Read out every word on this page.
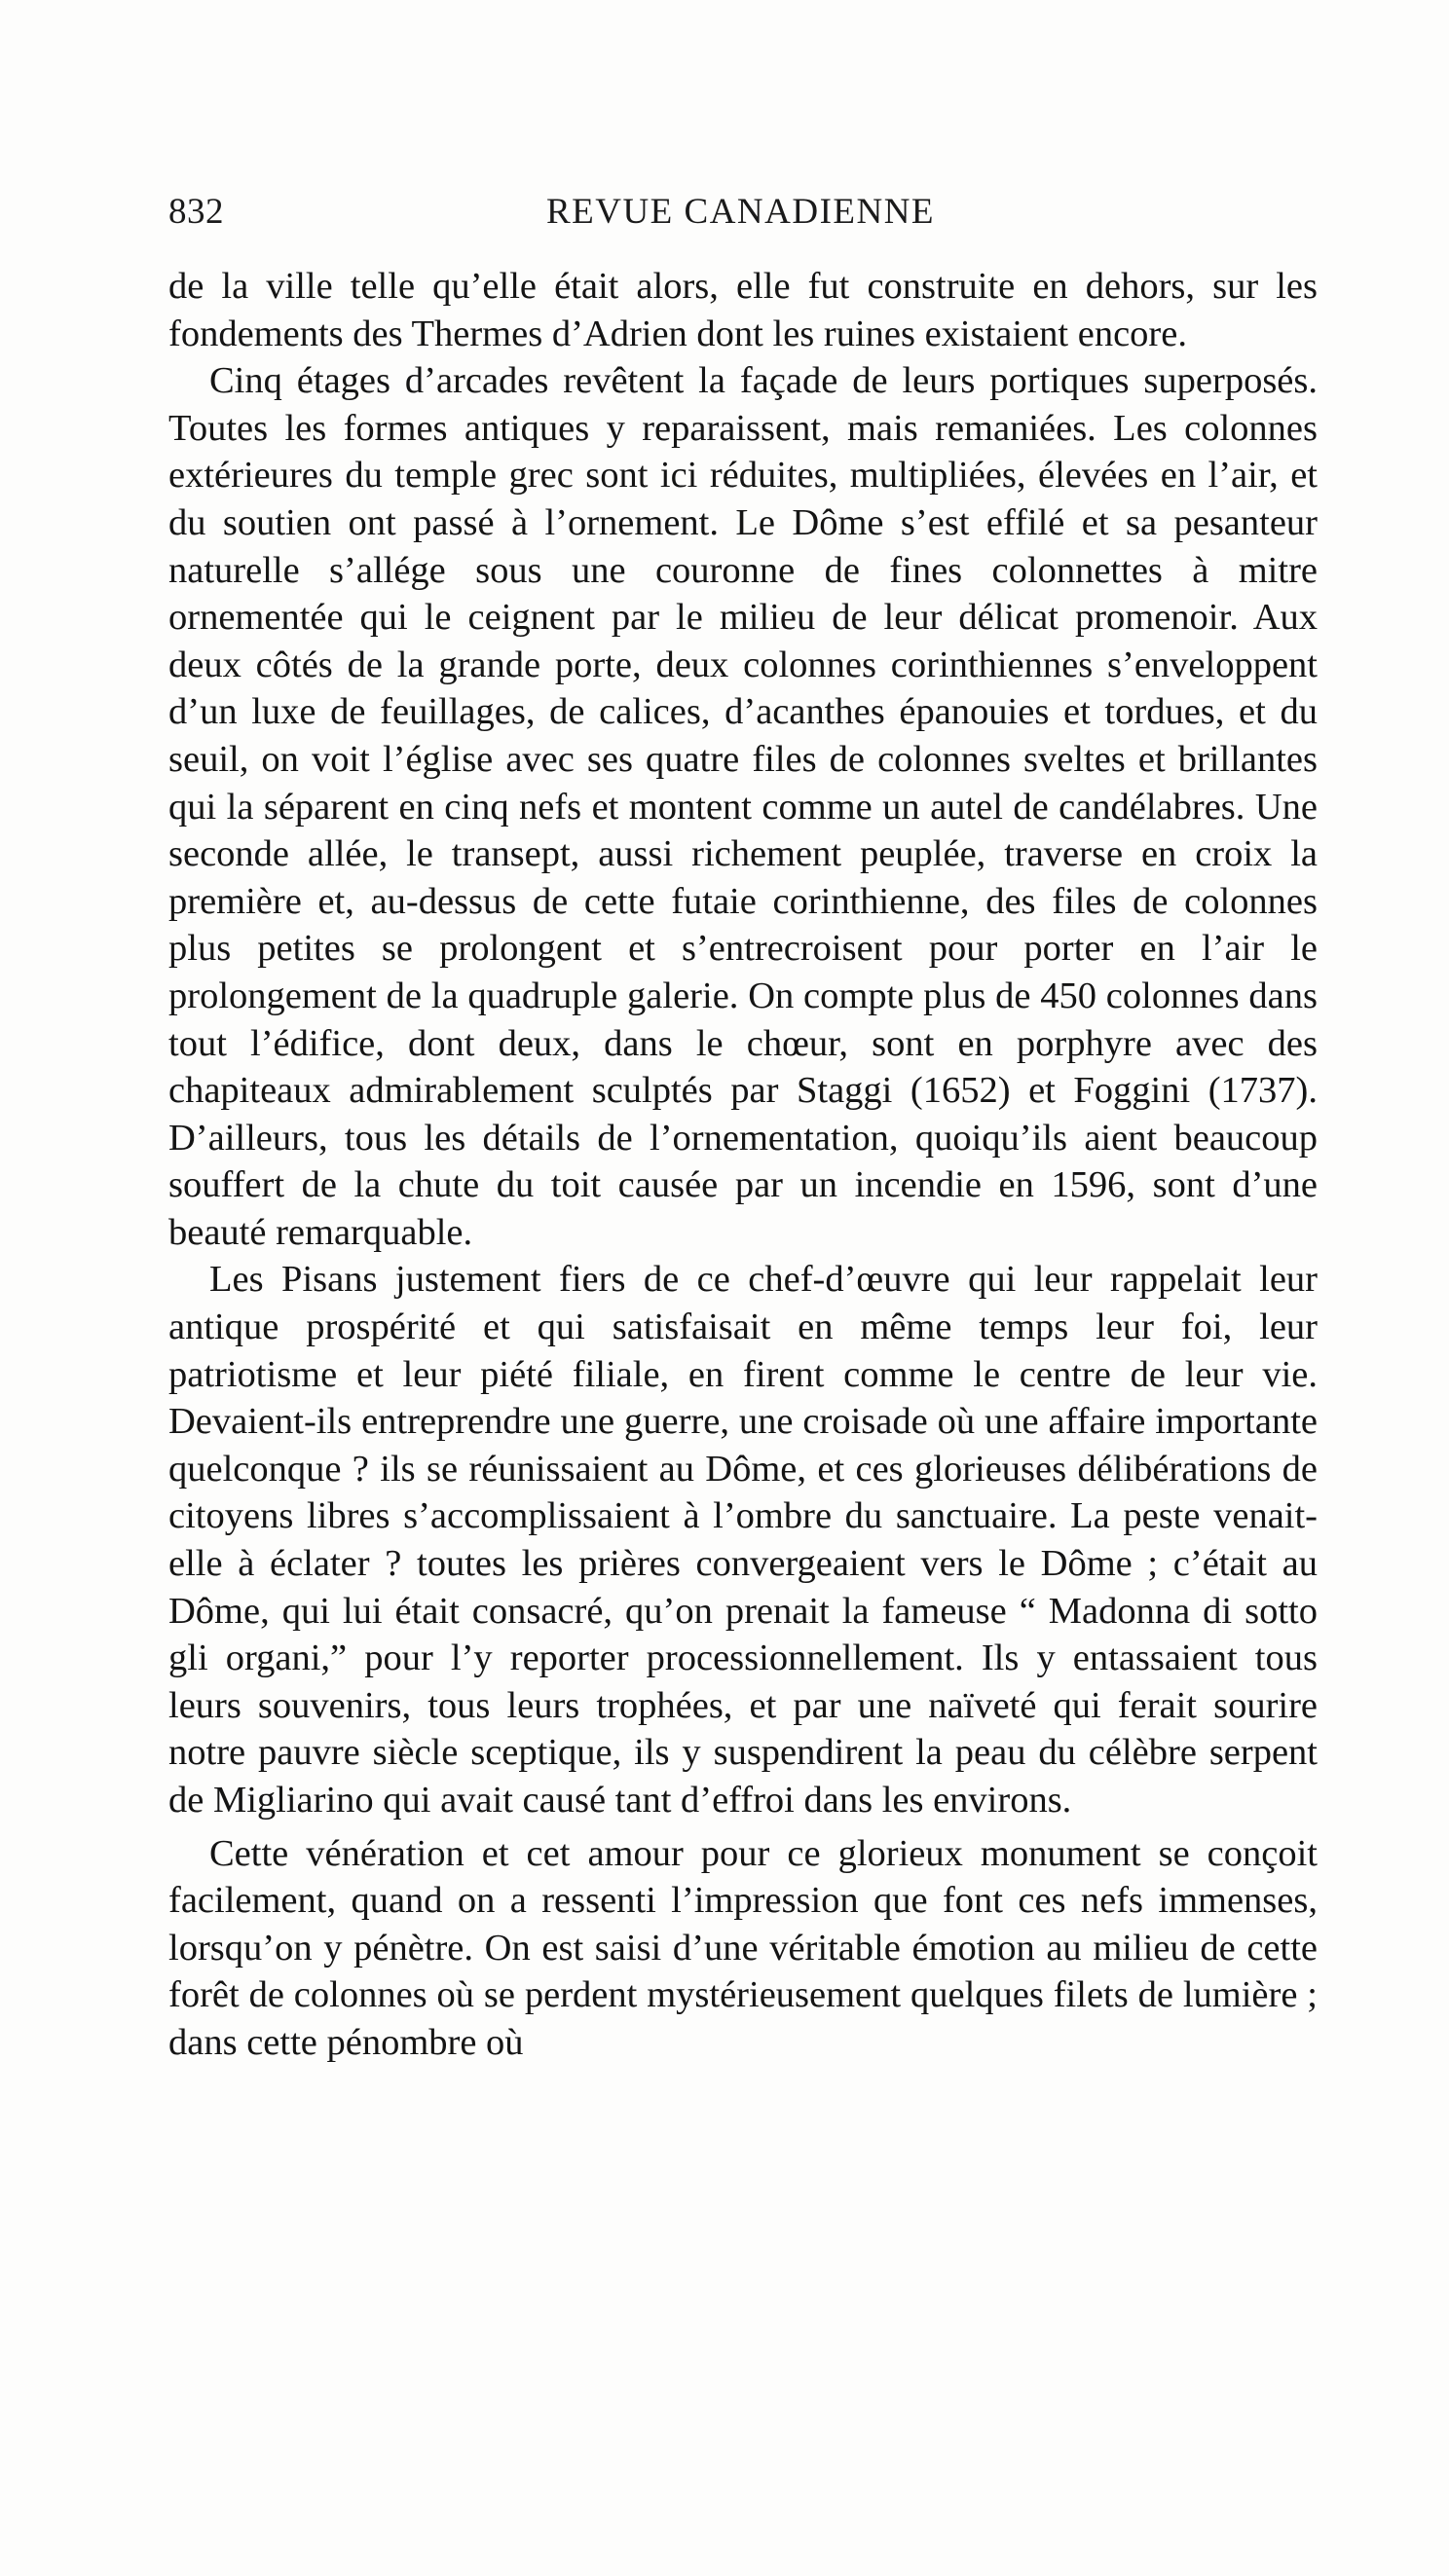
832	REVUE CANADIENNE

de la ville telle qu’elle était alors, elle fut construite en dehors, sur les fondements des Thermes d’Adrien dont les ruines existaient encore.

Cinq étages d’arcades revêtent la façade de leurs portiques superposés. Toutes les formes antiques y reparaissent, mais remaniées. Les colonnes extérieures du temple grec sont ici réduites, multipliées, élevées en l’air, et du soutien ont passé à l’ornement. Le Dôme s’est effilé et sa pesanteur naturelle s’allége sous une couronne de fines colonnettes à mitre ornementée qui le ceignent par le milieu de leur délicat promenoir. Aux deux côtés de la grande porte, deux colonnes corinthiennes s’enveloppent d’un luxe de feuillages, de calices, d’acanthes épanouies et tordues, et du seuil, on voit l’église avec ses quatre files de colonnes sveltes et brillantes qui la séparent en cinq nefs et montent comme un autel de candélabres. Une seconde allée, le transept, aussi richement peuplée, traverse en croix la première et, au-dessus de cette futaie corinthienne, des files de colonnes plus petites se prolongent et s’entrecroisent pour porter en l’air le prolongement de la quadruple galerie. On compte plus de 450 colonnes dans tout l’édifice, dont deux, dans le chœur, sont en porphyre avec des chapiteaux admirablement sculptés par Staggi (1652) et Foggini (1737). D’ailleurs, tous les détails de l’ornementation, quoiqu’ils aient beaucoup souffert de la chute du toit causée par un incendie en 1596, sont d’une beauté remarquable.

Les Pisans justement fiers de ce chef-d’œuvre qui leur rappelait leur antique prospérité et qui satisfaisait en même temps leur foi, leur patriotisme et leur piété filiale, en firent comme le centre de leur vie. Devaient-ils entreprendre une guerre, une croisade où une affaire importante quelconque ? ils se réunissaient au Dôme, et ces glorieuses délibérations de citoyens libres s’accomplissaient à l’ombre du sanctuaire. La peste venait-elle à éclater ? toutes les prières convergeaient vers le Dôme ; c’était au Dôme, qui lui était consacré, qu’on prenait la fameuse “ Madonna di sotto gli organi,” pour l’y reporter processionnellement. Ils y entassaient tous leurs souvenirs, tous leurs trophées, et par une naïveté qui ferait sourire notre pauvre siècle sceptique, ils y suspendirent la peau du célèbre serpent de Migliarino qui avait causé tant d’effroi dans les environs.

Cette vénération et cet amour pour ce glorieux monument se conçoit facilement, quand on a ressenti l’impression que font ces nefs immenses, lorsqu’on y pénètre. On est saisi d’une véritable émotion au milieu de cette forêt de colonnes où se perdent mystérieusement quelques filets de lumière ; dans cette pénombre où
